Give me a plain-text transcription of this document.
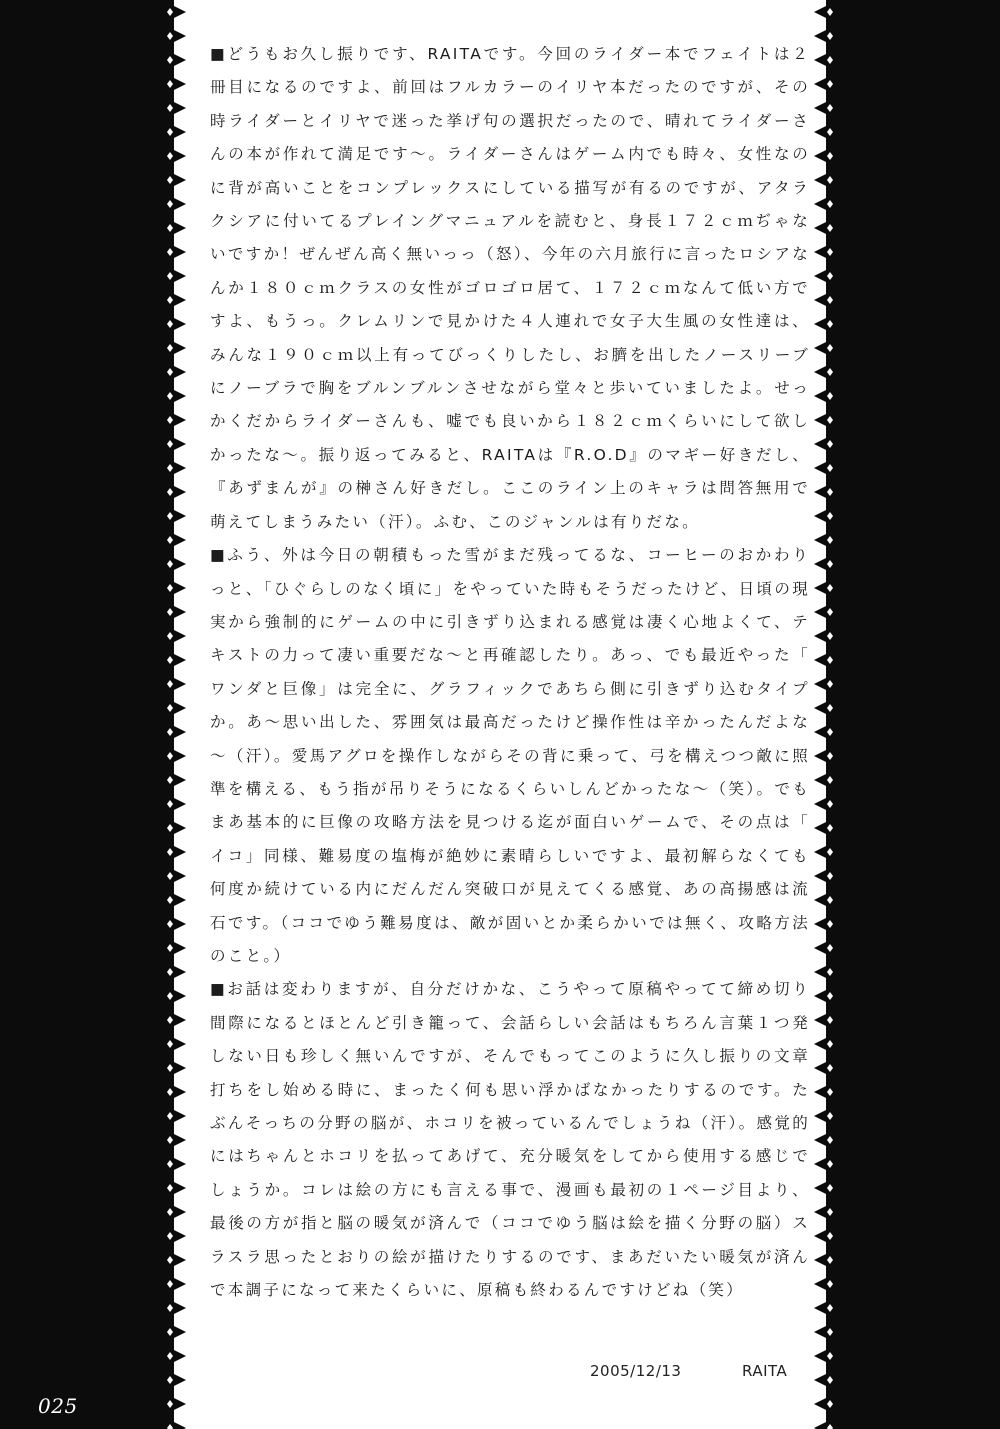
■どうもお久し振りです、RAITAです。今回のライダー本でフェイトは２冊目になるのですよ、前回はフルカラーのイリヤ本だったのですが、その時ライダーとイリヤで迷った挙げ句の選択だったので、晴れてライダーさんの本が作れて満足です～。ライダーさんはゲーム内でも時々、女性なのに背が高いことをコンプレックスにしている描写が有るのですが、アタラクシアに付いてるプレイングマニュアルを読むと、身長１７２ｃｍぢゃないですか！ぜんぜん高く無いっっ（怒）、今年の六月旅行に言ったロシアなんか１８０ｃｍクラスの女性がゴロゴロ居て、１７２ｃｍなんて低い方ですよ、もうっ。クレムリンで見かけた４人連れで女子大生風の女性達は、みんな１９０ｃｍ以上有ってびっくりしたし、お臍を出したノースリーブにノーブラで胸をブルンブルンさせながら堂々と歩いていましたよ。せっかくだからライダーさんも、嘘でも良いから１８２ｃｍくらいにして欲しかったな～。振り返ってみると、RAITAは『R.O.D』のマギー好きだし、『あずまんが』の榊さん好きだし。ここのライン上のキャラは問答無用で萌えてしまうみたい（汗）。ふむ、このジャンルは有りだな。

■ふう、外は今日の朝積もった雪がまだ残ってるな、コーヒーのおかわりっと、「ひぐらしのなく頃に」をやっていた時もそうだったけど、日頃の現実から強制的にゲームの中に引きずり込まれる感覚は凄く心地よくて、テキストの力って凄い重要だな～と再確認したり。あっ、でも最近やった「ワンダと巨像」は完全に、グラフィックであちら側に引きずり込むタイプか。あ～思い出した、雰囲気は最高だったけど操作性は辛かったんだよな～（汗）。愛馬アグロを操作しながらその背に乗って、弓を構えつつ敵に照準を構える、もう指が吊りそうになるくらいしんどかったな～（笑）。でもまあ基本的に巨像の攻略方法を見つける迄が面白いゲームで、その点は「イコ」同様、難易度の塩梅が絶妙に素晴らしいですよ、最初解らなくても何度か続けている内にだんだん突破口が見えてくる感覚、あの高揚感は流石です。（ココでゆう難易度は、敵が固いとか柔らかいでは無く、攻略方法のこと。）

■お話は変わりますが、自分だけかな、こうやって原稿やってて締め切り間際になるとほとんど引き籠って、会話らしい会話はもちろん言葉１つ発しない日も珍しく無いんですが、そんでもってこのように久し振りの文章打ちをし始める時に、まったく何も思い浮かばなかったりするのです。たぶんそっちの分野の脳が、ホコリを被っているんでしょうね（汗）。感覚的にはちゃんとホコリを払ってあげて、充分暖気をしてから使用する感じでしょうか。コレは絵の方にも言える事で、漫画も最初の１ページ目より、最後の方が指と脳の暖気が済んで（ココでゆう脳は絵を描く分野の脳）スラスラ思ったとおりの絵が描けたりするのです、まあだいたい暖気が済んで本調子になって来たくらいに、原稿も終わるんですけどね（笑）

2005/12/13	RAITA
025
